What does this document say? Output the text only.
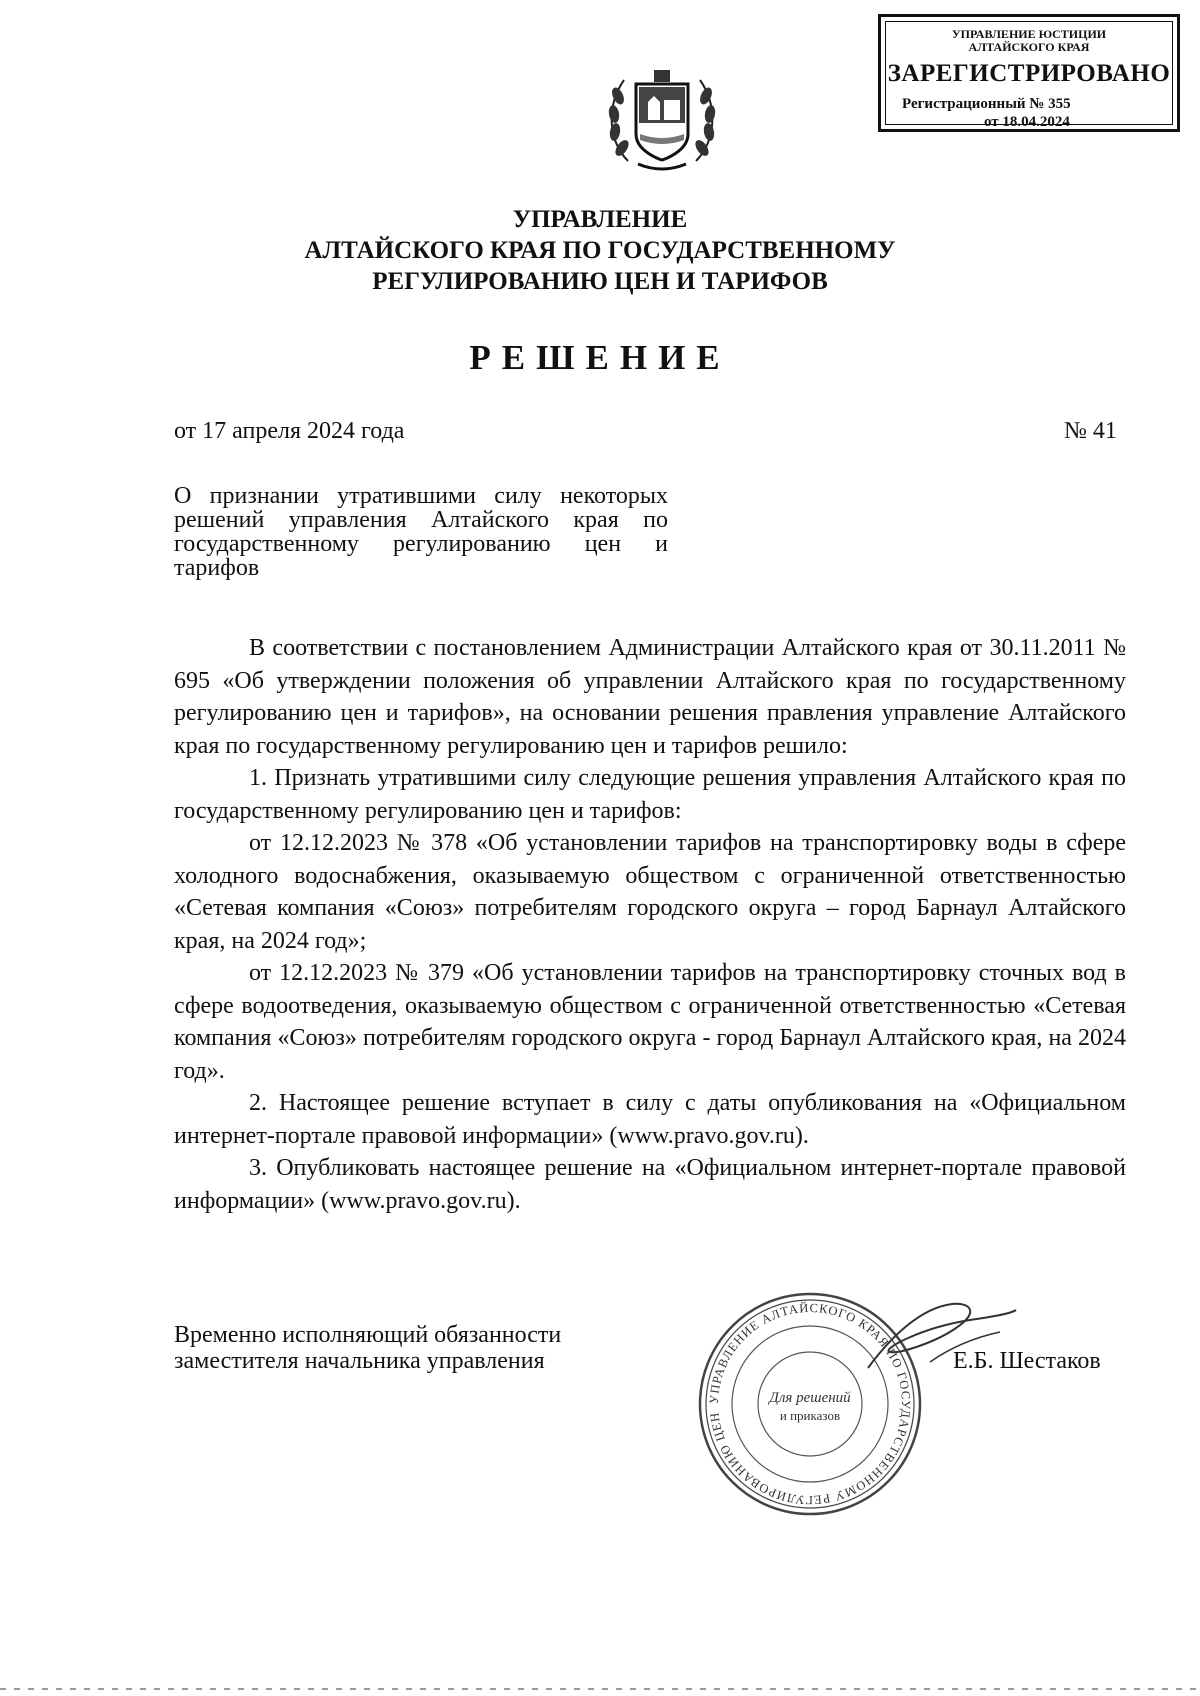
УПРАВЛЕНИЕ ЮСТИЦИИ
АЛТАЙСКОГО КРАЯ
ЗАРЕГИСТРИРОВАНО
Регистрационный № 355
от 18.04.2024
УПРАВЛЕНИЕ
АЛТАЙСКОГО КРАЯ ПО ГОСУДАРСТВЕННОМУ
РЕГУЛИРОВАНИЮ ЦЕН И ТАРИФОВ
РЕШЕНИЕ
от 17 апреля 2024 года	№ 41
О признании утратившими силу некоторых решений управления Алтайского края по государственному регулированию цен и тарифов

В соответствии с постановлением Администрации Алтайского края от 30.11.2011 № 695 «Об утверждении положения об управлении Алтайского края по государственному регулированию цен и тарифов», на основании решения правления управление Алтайского края по государственному регулированию цен и тарифов решило:

1. Признать утратившими силу следующие решения управления Алтайского края по государственному регулированию цен и тарифов:

от 12.12.2023 № 378 «Об установлении тарифов на транспортировку воды в сфере холодного водоснабжения, оказываемую обществом с ограниченной ответственностью «Сетевая компания «Союз» потребителям городского округа – город Барнаул Алтайского края, на 2024 год»;

от 12.12.2023 № 379 «Об установлении тарифов на транспортировку сточных вод в сфере водоотведения, оказываемую обществом с ограниченной ответственностью «Сетевая компания «Союз» потребителям городского округа - город Барнаул Алтайского края, на 2024 год».

2. Настоящее решение вступает в силу с даты опубликования на «Официальном интернет-портале правовой информации» (www.pravo.gov.ru).

3. Опубликовать настоящее решение на «Официальном интернет-портале правовой информации» (www.pravo.gov.ru).

Временно исполняющий обязанности
заместителя начальника управления
УПРАВЛЕНИЕ АЛТАЙСКОГО КРАЯ ПО ГОСУДАРСТВЕННОМУ РЕГУЛИРОВАНИЮ ЦЕН
Для решений
и приказов
Е.Б. Шестаков
